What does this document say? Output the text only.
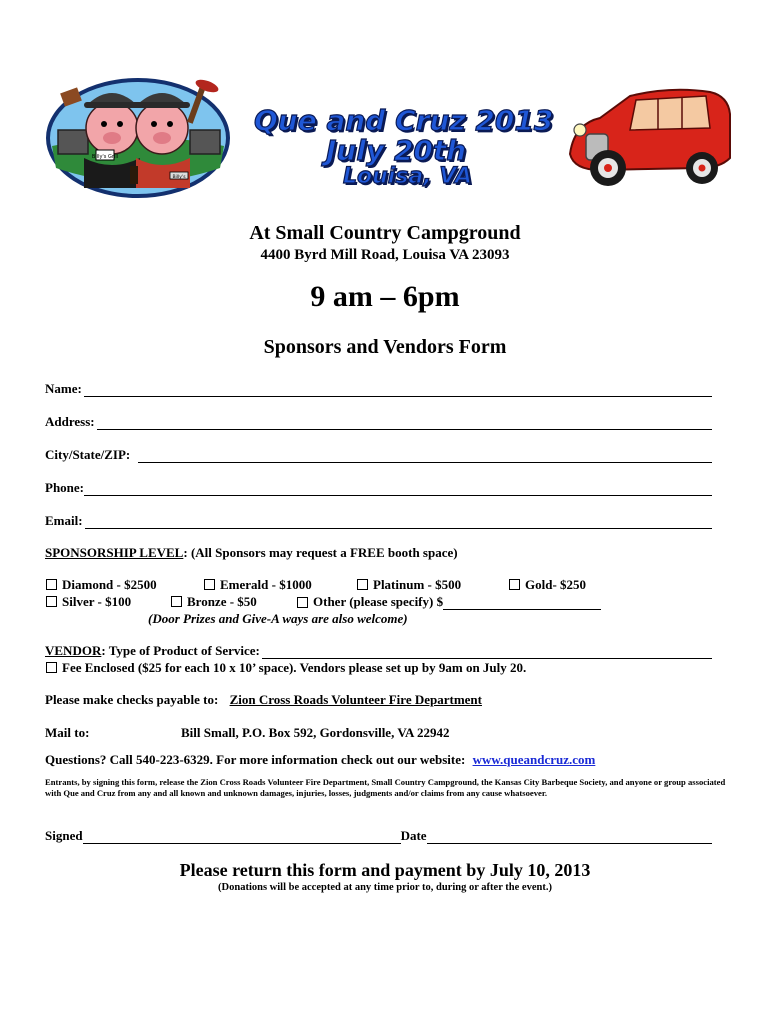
Billy's Grill
Billy's
Que and Cruz 2013
July 20th
Louisa, VA
At Small Country Campground
4400 Byrd Mill Road, Louisa VA 23093
9 am – 6pm
Sponsors and Vendors Form
Name:
Address:
City/State/ZIP:
Phone:
Email:
SPONSORSHIP LEVEL: (All Sponsors may request a FREE booth space)
Diamond - $2500	Emerald - $1000	Platinum - $500	Gold- $250
Silver - $100	Bronze - $50	Other (please specify) $
(Door Prizes and Give-A ways are also welcome)
VENDOR : Type of Product of Service:
Fee Enclosed ($25 for each 10 x 10’ space). Vendors please set up by 9am on July 20.
Please make checks payable to: Zion Cross Roads Volunteer Fire Department
Mail to:	Bill Small, P.O. Box 592, Gordonsville, VA 22942
Questions? Call 540-223-6329. For more information check out our website: www.queandcruz.com
Entrants, by signing this form, release the Zion Cross Roads Volunteer Fire Department, Small Country Campground, the Kansas City Barbeque Society, and anyone or group associated with Que and Cruz from any and all known and unknown damages, injuries, losses, judgments and/or claims from any cause whatsoever.
Signed	Date
Please return this form and payment by July 10, 2013
(Donations will be accepted at any time prior to, during or after the event.)
